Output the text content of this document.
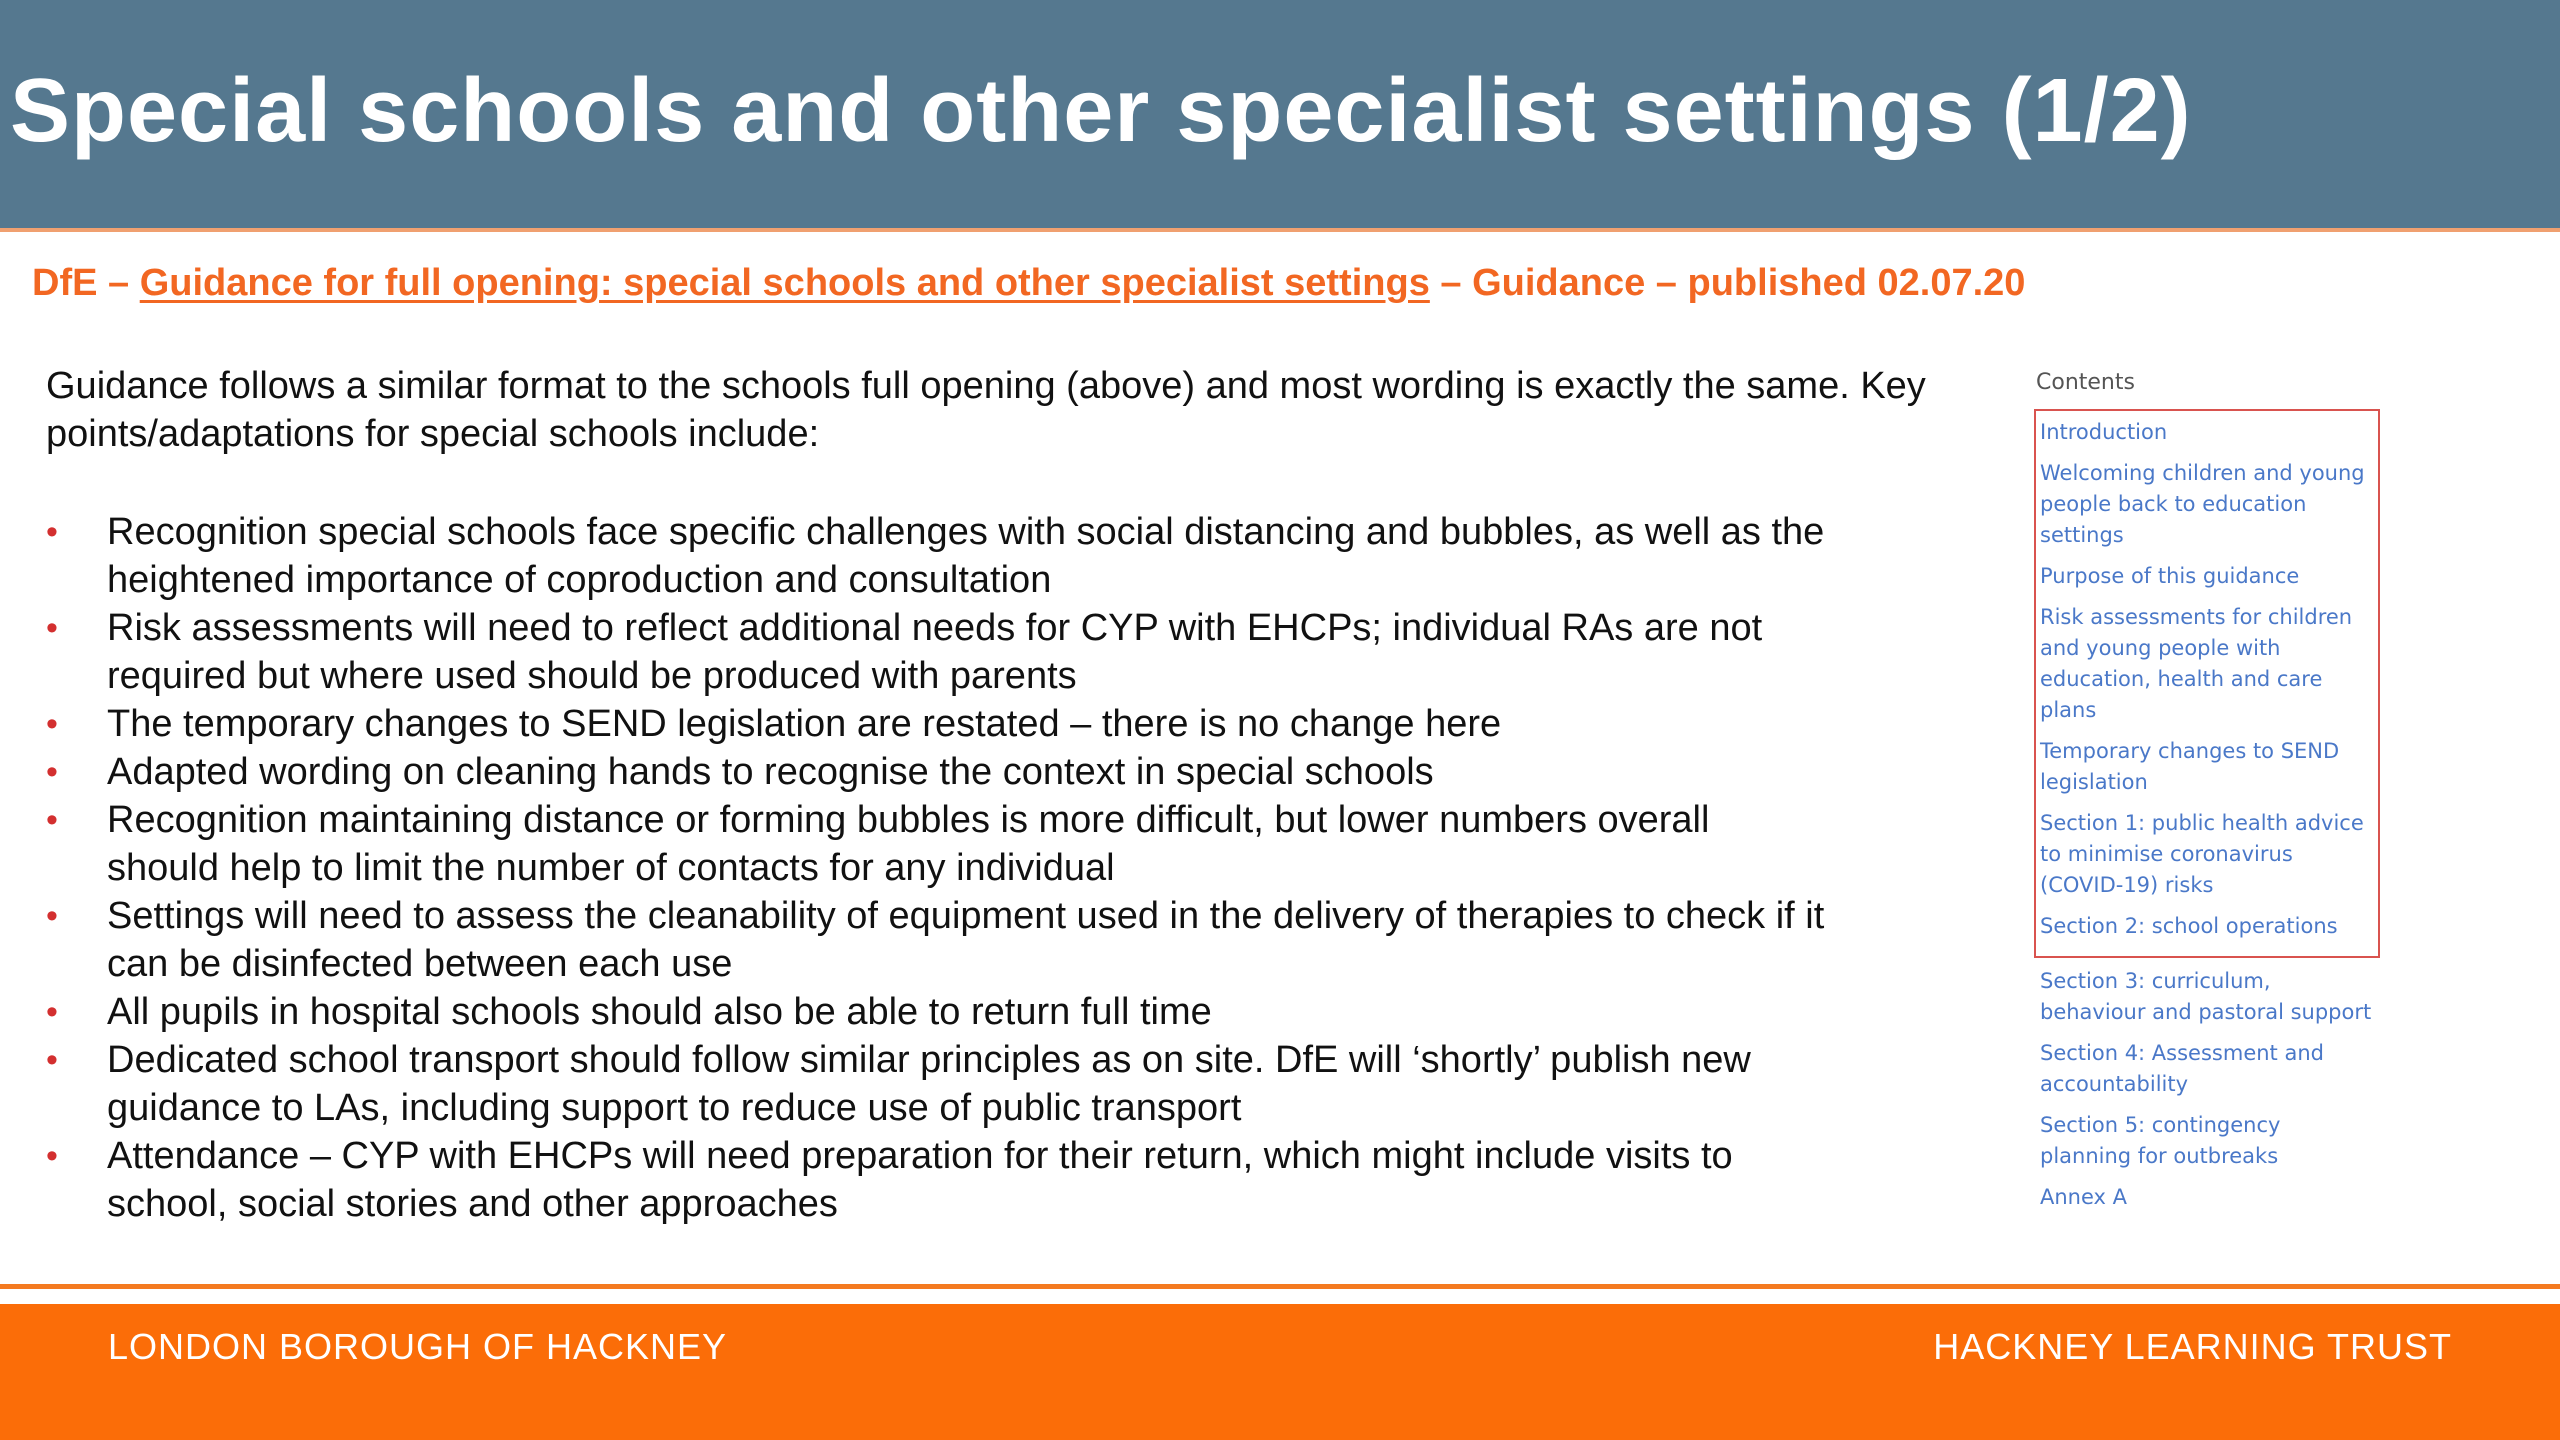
Special schools and other specialist settings (1/2)
DfE – Guidance for full opening: special schools and other specialist settings – Guidance – published 02.07.20
Guidance follows a similar format to the schools full opening (above) and most wording is exactly the same. Key points/adaptations for special schools include:
• Recognition special schools face specific challenges with social distancing and bubbles, as well as the
heightened importance of coproduction and consultation
• Risk assessments will need to reflect additional needs for CYP with EHCPs; individual RAs are not
required but where used should be produced with parents
• The temporary changes to SEND legislation are restated – there is no change here
• Adapted wording on cleaning hands to recognise the context in special schools
• Recognition maintaining distance or forming bubbles is more difficult, but lower numbers overall
should help to limit the number of contacts for any individual
• Settings will need to assess the cleanability of equipment used in the delivery of therapies to check if it
can be disinfected between each use
• All pupils in hospital schools should also be able to return full time
• Dedicated school transport should follow similar principles as on site. DfE will ‘shortly’ publish new
guidance to LAs, including support to reduce use of public transport
• Attendance – CYP with EHCPs will need preparation for their return, which might include visits to
school, social stories and other approaches
Contents
Introduction
Welcoming children and young people back to education settings
Purpose of this guidance
Risk assessments for children and young people with education, health and care plans
Temporary changes to SEND legislation
Section 1: public health advice to minimise coronavirus (COVID-19) risks
Section 2: school operations
Section 3: curriculum, behaviour and pastoral support
Section 4: Assessment and accountability
Section 5: contingency planning for outbreaks
Annex A
LONDON BOROUGH OF HACKNEY	HACKNEY LEARNING TRUST
